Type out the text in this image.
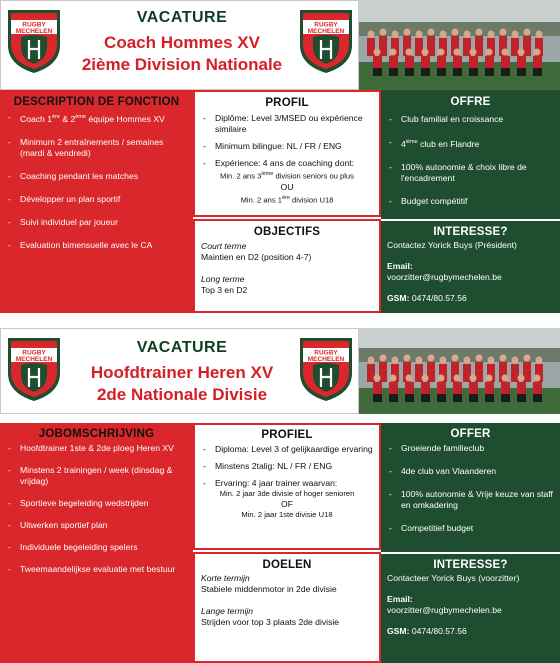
RUGBY
MECHELEN
VACATURE
Coach Hommes XV
2ième Division Nationale
RUGBY
MECHELEN
DESCRIPTION DE FONCTION
- Coach 1ère & 2ème équipe Hommes XV
- Minimum 2 entraînements / semaines (mardi & vendredi)
- Coaching pendant les matches
- Développer un plan sportif
- Suivi individuel par joueur
- Evaluation bimensuelle avec le CA
PROFIL
- Diplôme: Level 3/MSED ou expérience similaire
- Minimum bilingue: NL / FR / ENG
- Expérience: 4 ans de coaching dont:
Min. 2 ans 3ième division seniors ou plus
OU
Min. 2 ans 1ère division U18
OBJECTIFS
Court terme
Maintien en D2 (position 4-7)
Long terme
Top 3 en D2
OFFRE
- Club familial en croissance
- 4ième club en Flandre
- 100% autonomie & choix libre de l'encadrement
- Budget compétitif
INTERESSE?
Contactez Yorick Buys (Président)
Email:
voorzitter@rugbymechelen.be
GSM: 0474/80.57.56
RUGBY
MECHELEN
VACATURE
Hoofdtrainer Heren XV
2de Nationale Divisie
RUGBY
MECHELEN
JOBOMSCHRIJVING
- Hoofdtrainer 1ste & 2de ploeg Heren XV
- Minstens 2 trainingen / week (dinsdag & vrijdag)
- Sportieve begeleiding wedstrijden
- Uitwerken sportief plan
- Individuele begeleiding spelers
- Tweemaandelijkse evaluatie met bestuur
PROFIEL
- Diploma: Level 3 of gelijkaardige ervaring
- Minstens 2talig: NL / FR / ENG
- Ervaring: 4 jaar trainer waarvan:
Min. 2 jaar 3de divisie of hoger senioren
OF
Min. 2 jaar 1ste divisie U18
DOELEN
Korte termijn
Stabiele middenmotor in 2de divisie
Lange termijn
Strijden voor top 3 plaats 2de divisie
OFFER
- Groeiende familieclub
- 4de club van Vlaanderen
- 100% autonomie & Vrije keuze van staff en omkadering
- Competitief budget
INTERESSE?
Contacteer Yorick Buys (voorzitter)
Email:
voorzitter@rugbymechelen.be
GSM: 0474/80.57.56
